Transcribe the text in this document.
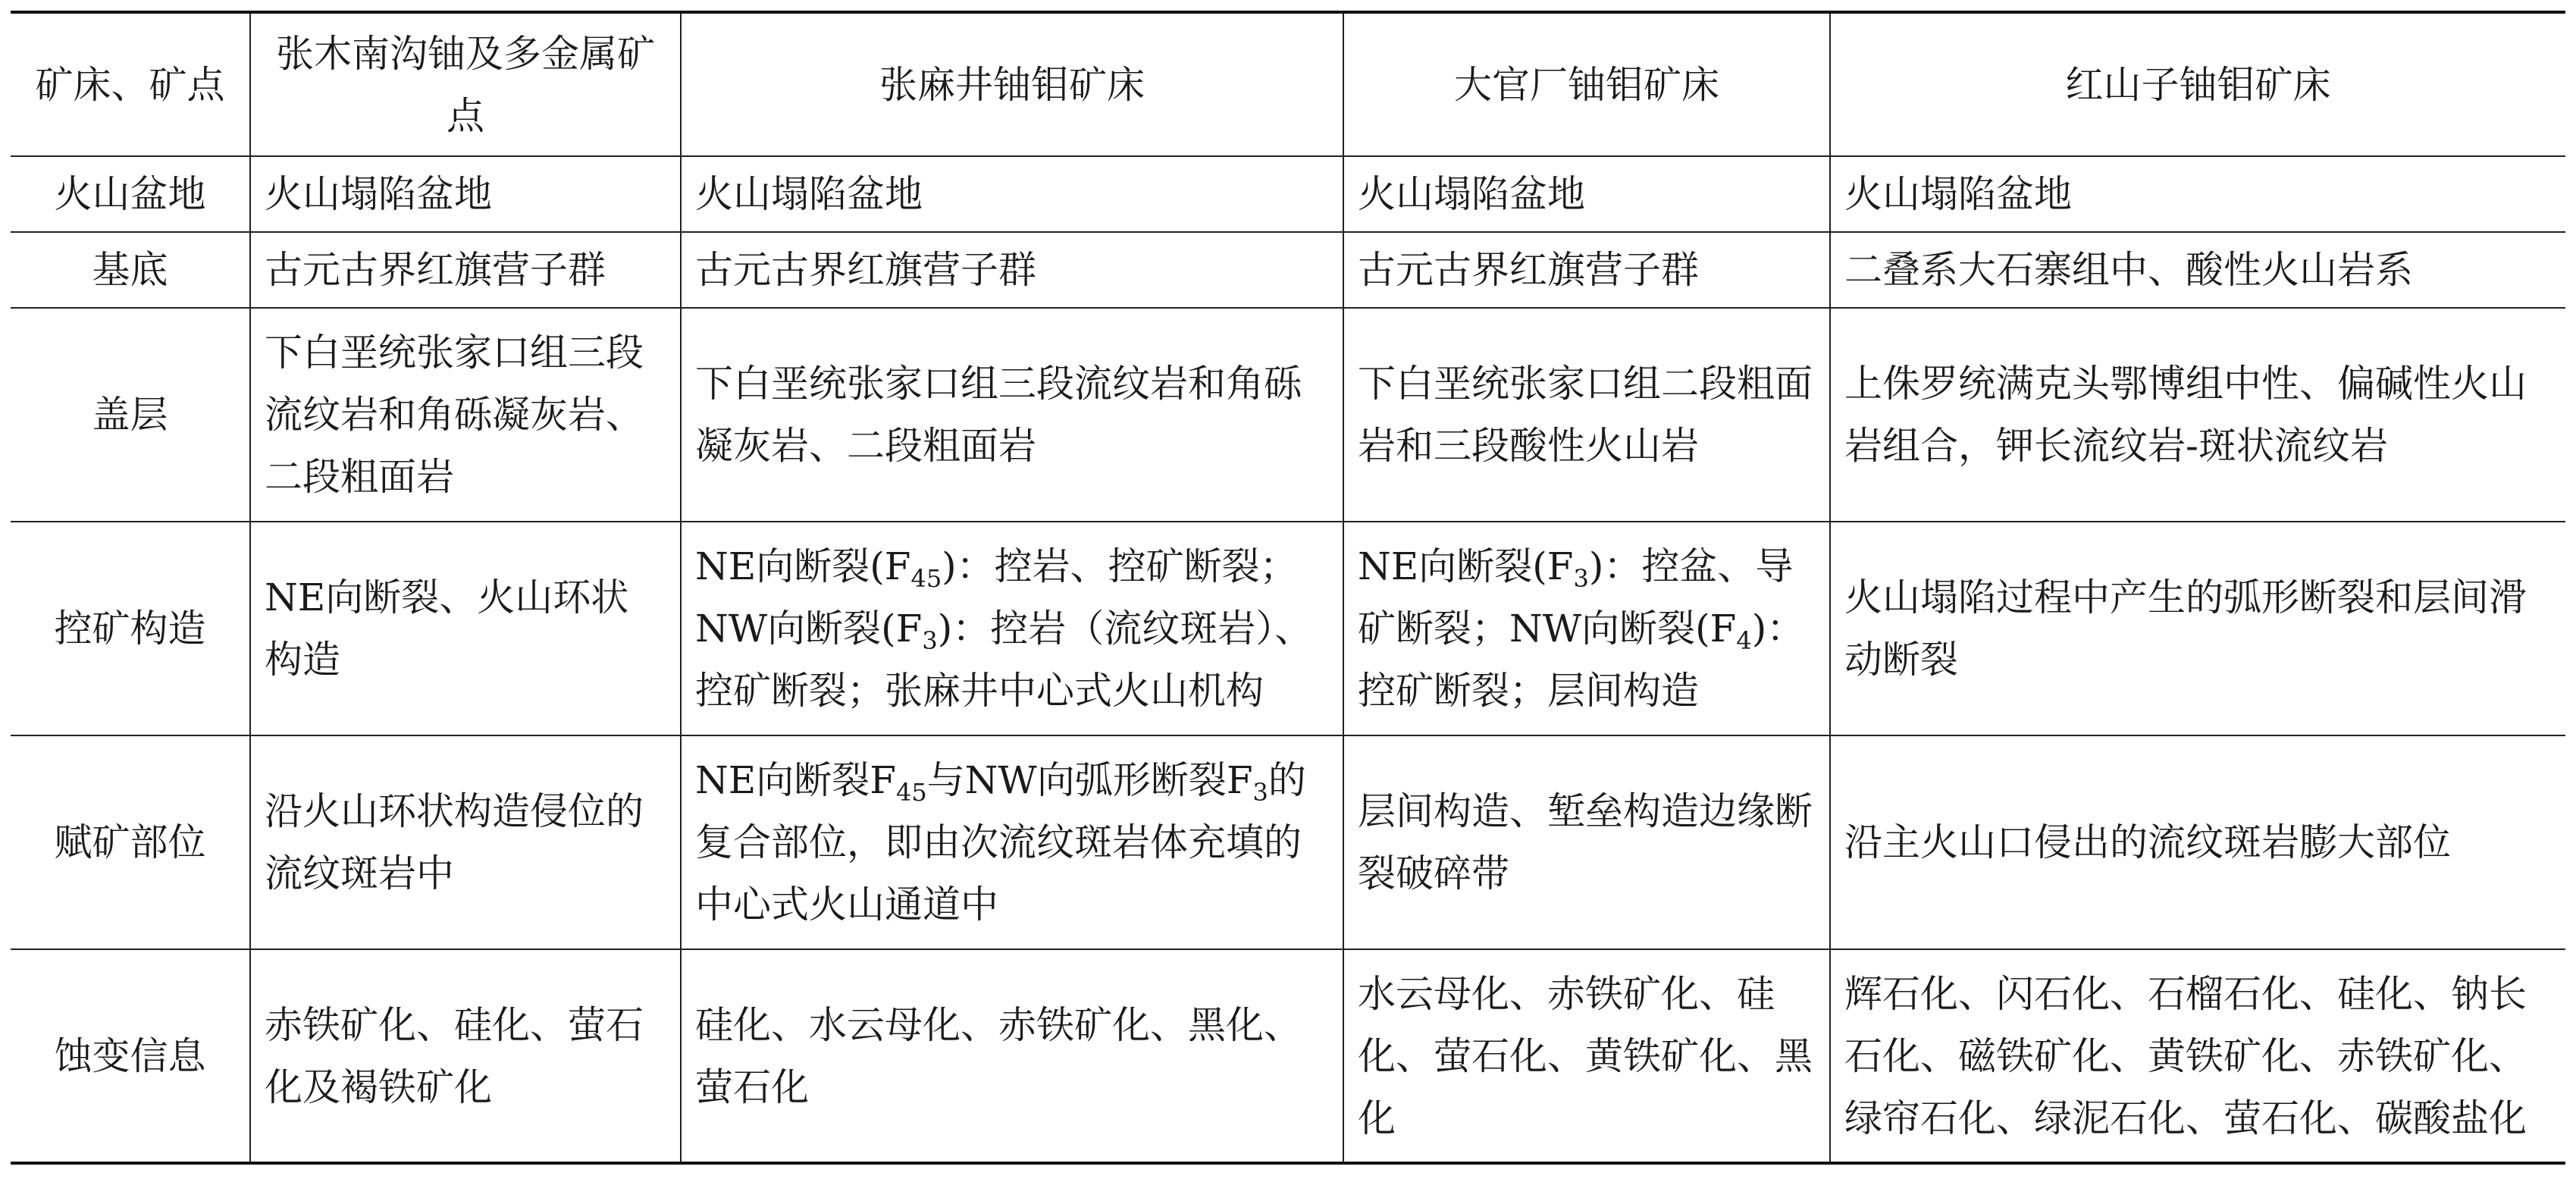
矿床、矿点	张木南沟铀及多金属矿点	张麻井铀钼矿床	大官厂铀钼矿床	红山子铀钼矿床
火山盆地	火山塌陷盆地	火山塌陷盆地	火山塌陷盆地	火山塌陷盆地
基底	古元古界红旗营子群	古元古界红旗营子群	古元古界红旗营子群	二叠系大石寨组中、酸性火山岩系
盖层	下白垩统张家口组三段流纹岩和角砾凝灰岩、二段粗面岩	下白垩统张家口组三段流纹岩和角砾凝灰岩、二段粗面岩	下白垩统张家口组二段粗面岩和三段酸性火山岩	上侏罗统满克头鄂博组中性、偏碱性火山岩组合，钾长流纹岩-斑状流纹岩
控矿构造	NE向断裂、火山环状构造	NE向断裂$(F_{45})$：控岩、控矿断裂；NW向断裂$(F_3)$：控岩（流纹斑岩）、控矿断裂；张麻井中心式火山机构	NE向断裂$(F_3)$：控盆、导矿断裂；NW向断裂$(F_4)$：控矿断裂；层间构造	火山塌陷过程中产生的弧形断裂和层间滑动断裂
赋矿部位	沿火山环状构造侵位的流纹斑岩中	NE向断裂$F_{45}$与NW向弧形断裂$F_3$的复合部位，即由次流纹斑岩体充填的中心式火山通道中	层间构造、堑垒构造边缘断裂破碎带	沿主火山口侵出的流纹斑岩膨大部位
蚀变信息	赤铁矿化、硅化、萤石化及褐铁矿化	硅化、水云母化、赤铁矿化、黑化、萤石化	水云母化、赤铁矿化、硅化、萤石化、黄铁矿化、黑化	辉石化、闪石化、石榴石化、硅化、钠长石化、磁铁矿化、黄铁矿化、赤铁矿化、绿帘石化、绿泥石化、萤石化、碳酸盐化
